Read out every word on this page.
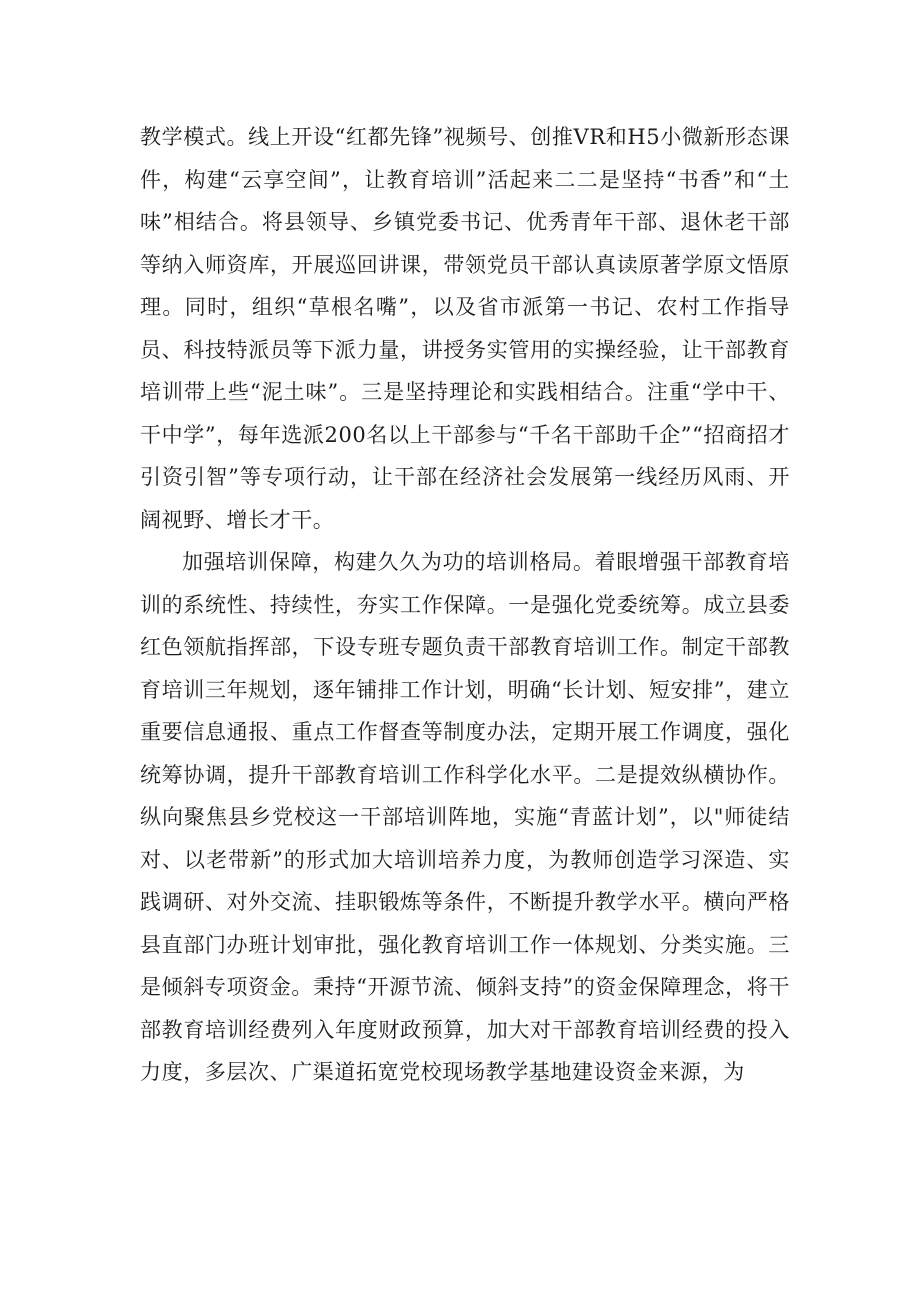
教学模式。线上开设“红都先锋”视频号、创推VR和H5小微新形态课件，构建“云享空间”，让教育培训”活起来二二是坚持“书香”和“土味”相结合。将县领导、乡镇党委书记、优秀青年干部、退休老干部等纳入师资库，开展巡回讲课，带领党员干部认真读原著学原文悟原理。同时，组织“草根名嘴”，以及省市派第一书记、农村工作指导员、科技特派员等下派力量，讲授务实管用的实操经验，让干部教育培训带上些“泥土味”。三是坚持理论和实践相结合。注重“学中干、干中学”，每年选派200名以上干部参与“千名干部助千企”“招商招才引资引智”等专项行动，让干部在经济社会发展第一线经历风雨、开阔视野、增长才干。

加强培训保障，构建久久为功的培训格局。着眼增强干部教育培训的系统性、持续性，夯实工作保障。一是强化党委统筹。成立县委红色领航指挥部，下设专班专题负责干部教育培训工作。制定干部教育培训三年规划，逐年铺排工作计划，明确“长计划、短安排”，建立重要信息通报、重点工作督查等制度办法，定期开展工作调度，强化统筹协调，提升干部教育培训工作科学化水平。二是提效纵横协作。纵向聚焦县乡党校这一干部培训阵地，实施“青蓝计划”，以"师徒结对、以老带新”的形式加大培训培养力度，为教师创造学习深造、实践调研、对外交流、挂职锻炼等条件，不断提升教学水平。横向严格县直部门办班计划审批，强化教育培训工作一体规划、分类实施。三是倾斜专项资金。秉持“开源节流、倾斜支持”的资金保障理念，将干部教育培训经费列入年度财政预算，加大对干部教育培训经费的投入力度，多层次、广渠道拓宽党校现场教学基地建设资金来源，为
